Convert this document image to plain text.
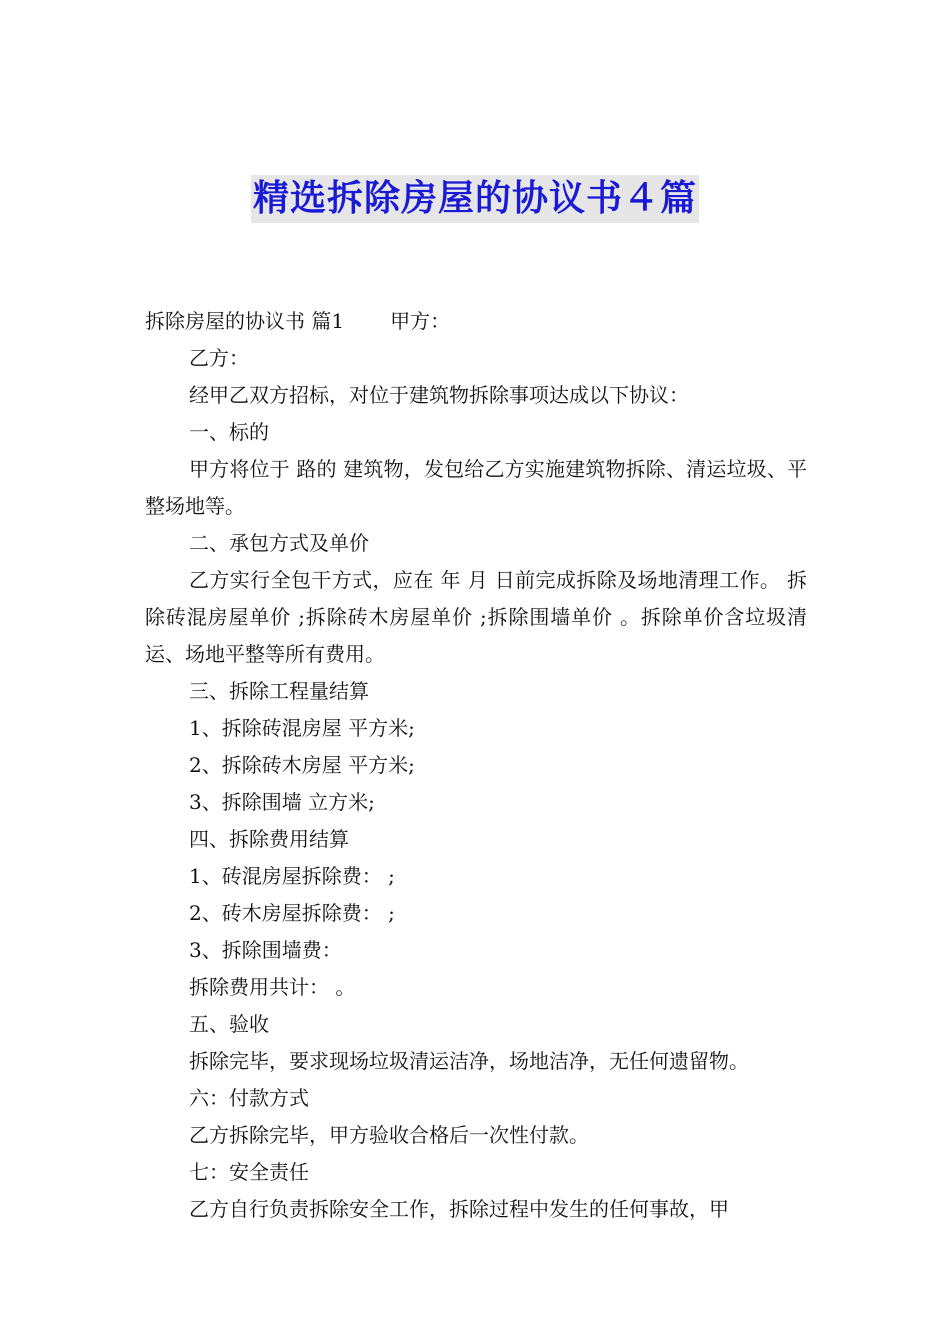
精选拆除房屋的协议书４篇

拆除房屋的协议书 篇1 甲方：

乙方：

经甲乙双方招标，对位于建筑物拆除事项达成以下协议：

一、标的

甲方将位于 路的 建筑物，发包给乙方实施建筑物拆除、清运垃圾、平整场地等。

二、承包方式及单价

乙方实行全包干方式，应在 年 月 日前完成拆除及场地清理工作。 拆除砖混房屋单价 ;拆除砖木房屋单价 ;拆除围墙单价 。拆除单价含垃圾清运、场地平整等所有费用。

三、拆除工程量结算

1、拆除砖混房屋 平方米;

2、拆除砖木房屋 平方米;

3、拆除围墙 立方米;

四、拆除费用结算

1、砖混房屋拆除费： ;

2、砖木房屋拆除费： ;

3、拆除围墙费：

拆除费用共计： 。

五、验收

拆除完毕，要求现场垃圾清运洁净，场地洁净，无任何遗留物。

六：付款方式

乙方拆除完毕，甲方验收合格后一次性付款。

七：安全责任

乙方自行负责拆除安全工作，拆除过程中发生的任何事故，甲
